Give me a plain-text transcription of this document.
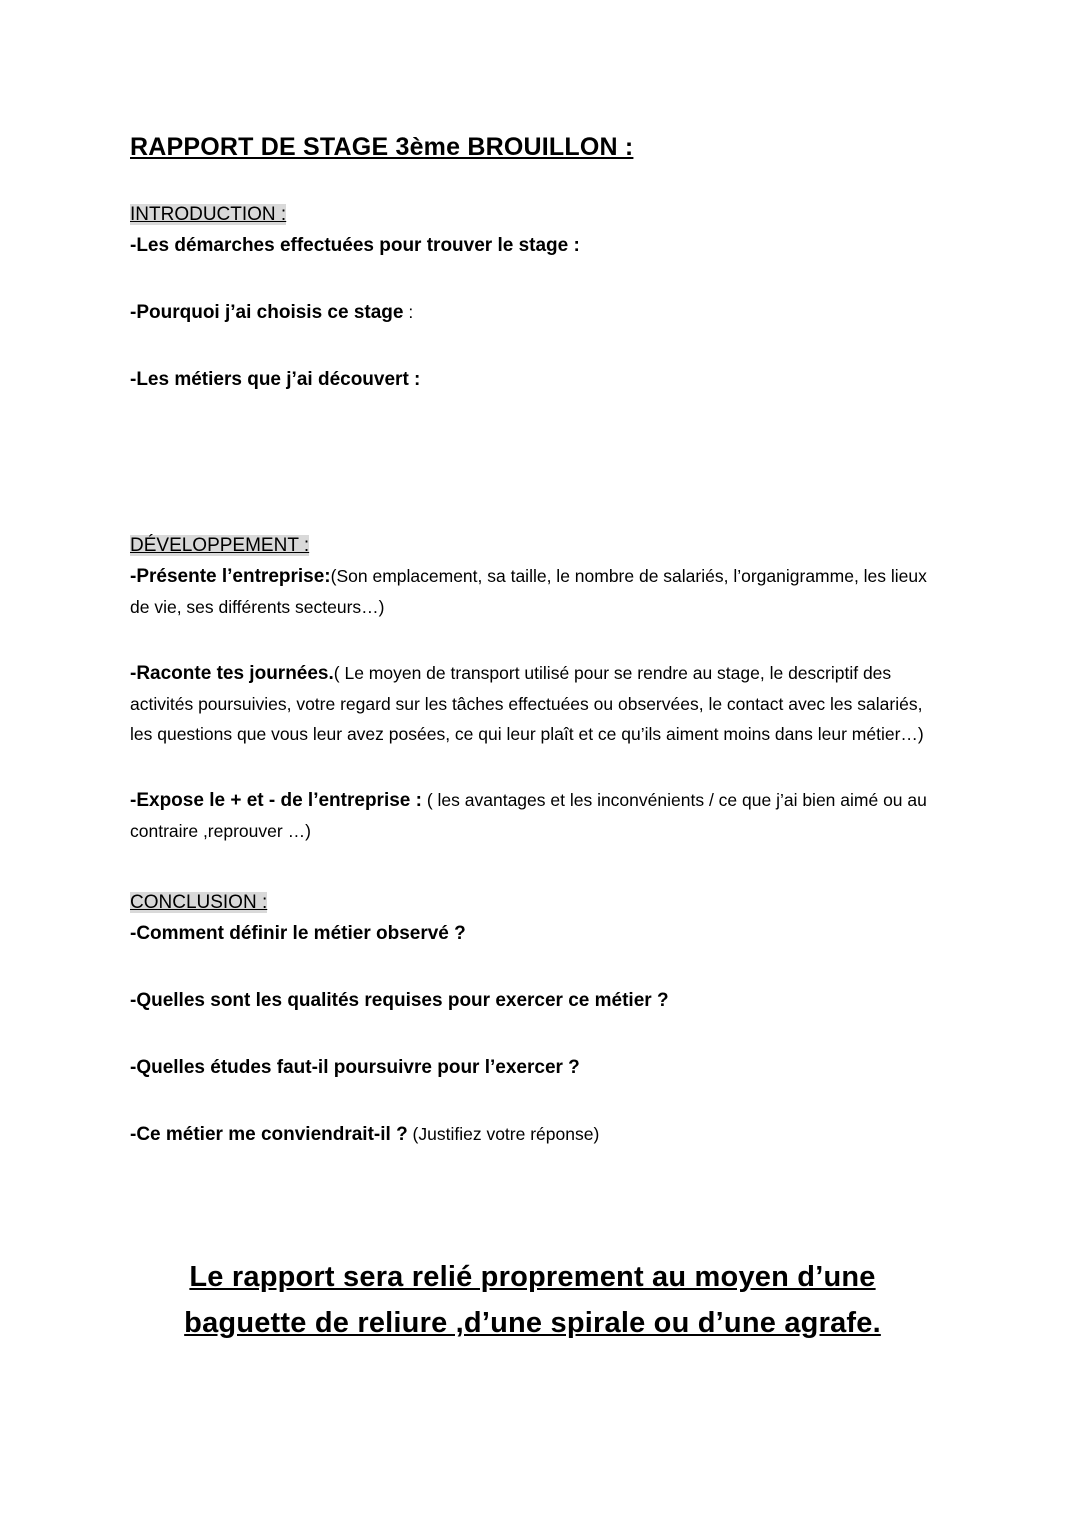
RAPPORT DE STAGE 3ème BROUILLON :
INTRODUCTION :

-Les démarches effectuées pour trouver le stage :

-Pourquoi j’ai choisis ce stage :

-Les métiers que j’ai découvert :

DÉVELOPPEMENT :

-Présente l’entreprise:(Son emplacement, sa taille, le nombre de salariés, l’organigramme, les lieux de vie, ses différents secteurs…)

-Raconte tes journées.( Le moyen de transport utilisé pour se rendre au stage, le descriptif des activités poursuivies, votre regard sur les tâches effectuées ou observées, le contact avec les salariés, les questions que vous leur avez posées, ce qui leur plaît et ce qu’ils aiment moins dans leur métier…)

-Expose le + et - de l’entreprise : ( les avantages et les inconvénients / ce que j’ai bien aimé ou au contraire ,reprouver …)

CONCLUSION :

-Comment définir le métier observé ?

-Quelles sont les qualités requises pour exercer ce métier ?

-Quelles études faut-il poursuivre pour l’exercer ?

-Ce métier me conviendrait-il ? (Justifiez votre réponse)

Le rapport sera relié proprement au moyen d’une baguette de reliure ,d’une spirale ou d’une agrafe.
